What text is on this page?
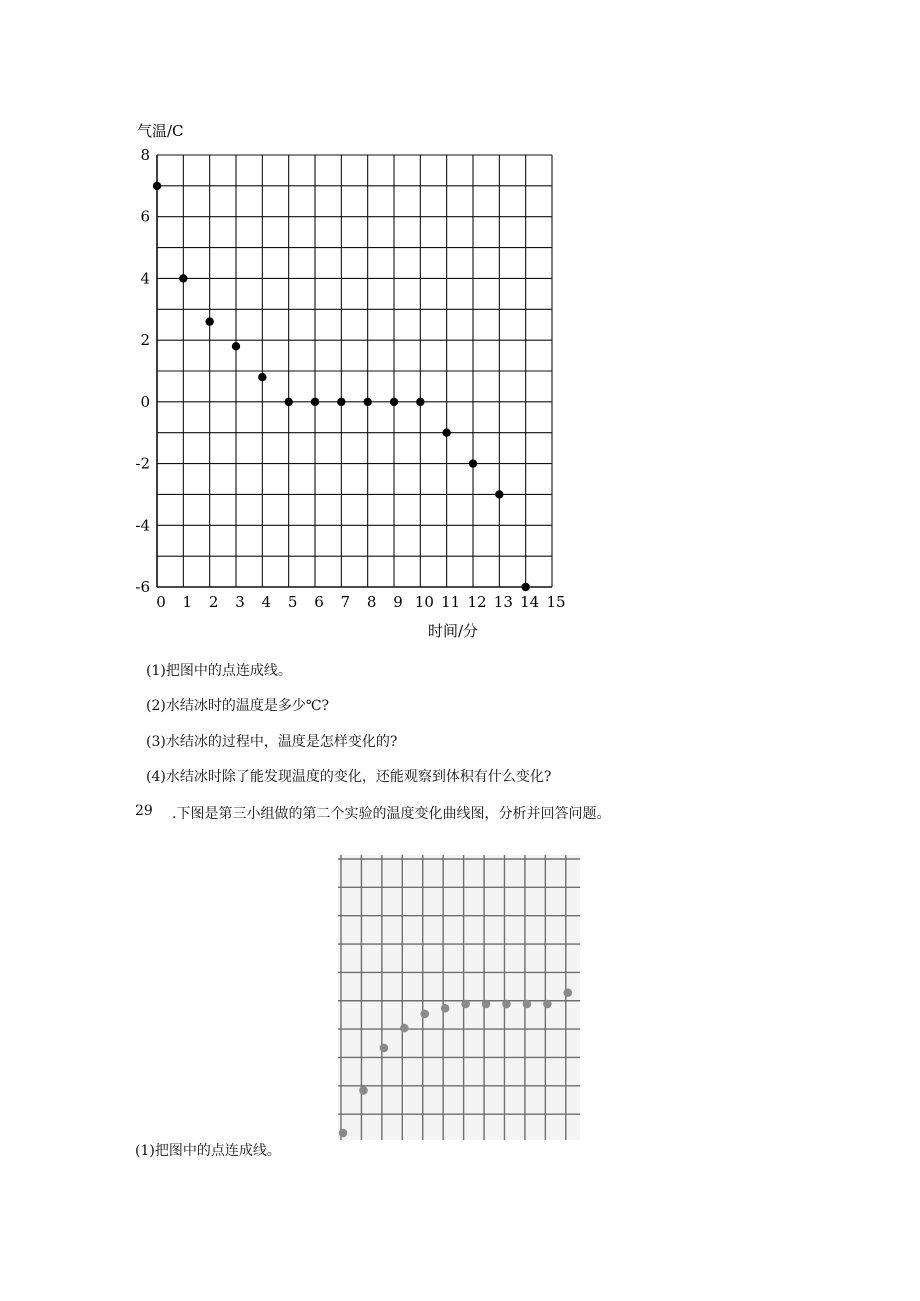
气温/C
8
6
4
2
0
-2
-4
-6
0 1 2 3 4 5 6 7 8 9 10 11 12 13 14 15
时间/分
(1)把图中的点连成线。
(2)水结冰时的温度是多少℃?
(3)水结冰的过程中，温度是怎样变化的?
(4)水结冰时除了能发现温度的变化，还能观察到体积有什么变化?
29 .下图是第三小组做的第二个实验的温度变化曲线图，分析并回答问题。
(1)把图中的点连成线。
